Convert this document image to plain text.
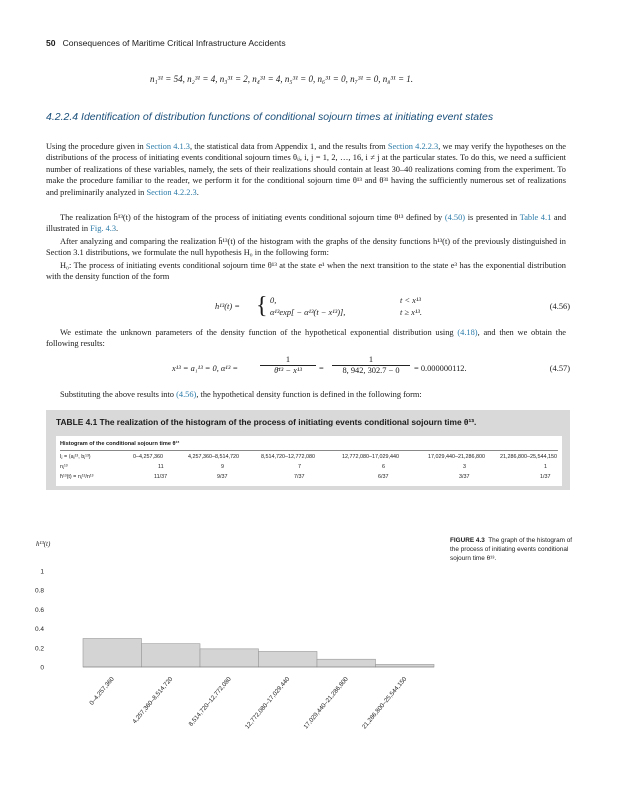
50 Consequences of Maritime Critical Infrastructure Accidents
n₁³¹ = 54, n₂³¹ = 4, n₃³¹ = 2, n₄³¹ = 4, n₅³¹ = 0, n₆³¹ = 0, n₇³¹ = 0, n₈³¹ = 1.
4.2.2.4 Identification of distribution functions of conditional sojourn times at initiating event states
Using the procedure given in Section 4.1.3, the statistical data from Appendix 1, and the results from Section 4.2.2.3, we may verify the hypotheses on the distributions of the process of initiating events conditional sojourn times θᵢⱼ, i, j = 1, 2, …, 16, i ≠ j at the particular states. To do this, we need a sufficient number of realizations of these variables, namely, the sets of their realizations should contain at least 30–40 realizations coming from the experiment. To make the procedure familiar to the reader, we perform it for the conditional sojourn time θ¹³ and θ³¹ having the sufficiently numerous set of realizations and preliminarily analyzed in Section 4.2.2.3.
The realization h̄¹³(t) of the histogram of the process of initiating events conditional sojourn time θ¹³ defined by (4.50) is presented in Table 4.1 and illustrated in Fig. 4.3.
After analyzing and comparing the realization h̄¹³(t) of the histogram with the graphs of the density functions h¹³(t) of the previously distinguished in Section 3.1 distributions, we formulate the null hypothesis H₀ in the following form:
H₀: The process of initiating events conditional sojourn time θ¹³ at the state e¹ when the next transition to the state e³ has the exponential distribution with the density function of the form
h¹³(t) = { 0,
α¹³exp[ − α¹³(t − x¹³)],
t < x¹³
t ≥ x¹³.
(4.56)
We estimate the unknown parameters of the density function of the hypothetical exponential distribution using (4.18), and then we obtain the following results:
x¹³ = a₁¹³ = 0, α¹³ =
1
θ̄¹³ − x¹³	=
1
8, 942, 302.7 − 0	= 0.000000112.	(4.57)
Substituting the above results into (4.56), the hypothetical density function is defined in the following form:
TABLE 4.1 The realization of the histogram of the process of initiating events conditional sojourn time θ¹³.
Histogram of the conditional sojourn time θ¹³
Iⱼ = ⟨aⱼ¹³, bⱼ¹³)	0–4,257,360	4,257,360–8,514,720	8,514,720–12,772,080	12,772,080–17,029,440	17,029,440–21,286,800	21,286,800–25,544,150
nⱼ¹³	11	9	7	6	3	1
h̄¹³(t) = nⱼ¹³/n¹³	11/37	9/37	7/37	6/37	3/37	1/37
h¹³(t)
0
0.2
0.4
0.6
0.8
1
0–4,257,360	4,257,360–8,514,720 8,514,720–12,772,080 12,772,080–17,029,440 17,029,440–21,286,800 21,286,800–25,544,150
FIGURE 4.3 The graph of the histogram of the process of initiating events conditional sojourn time θ¹³.
